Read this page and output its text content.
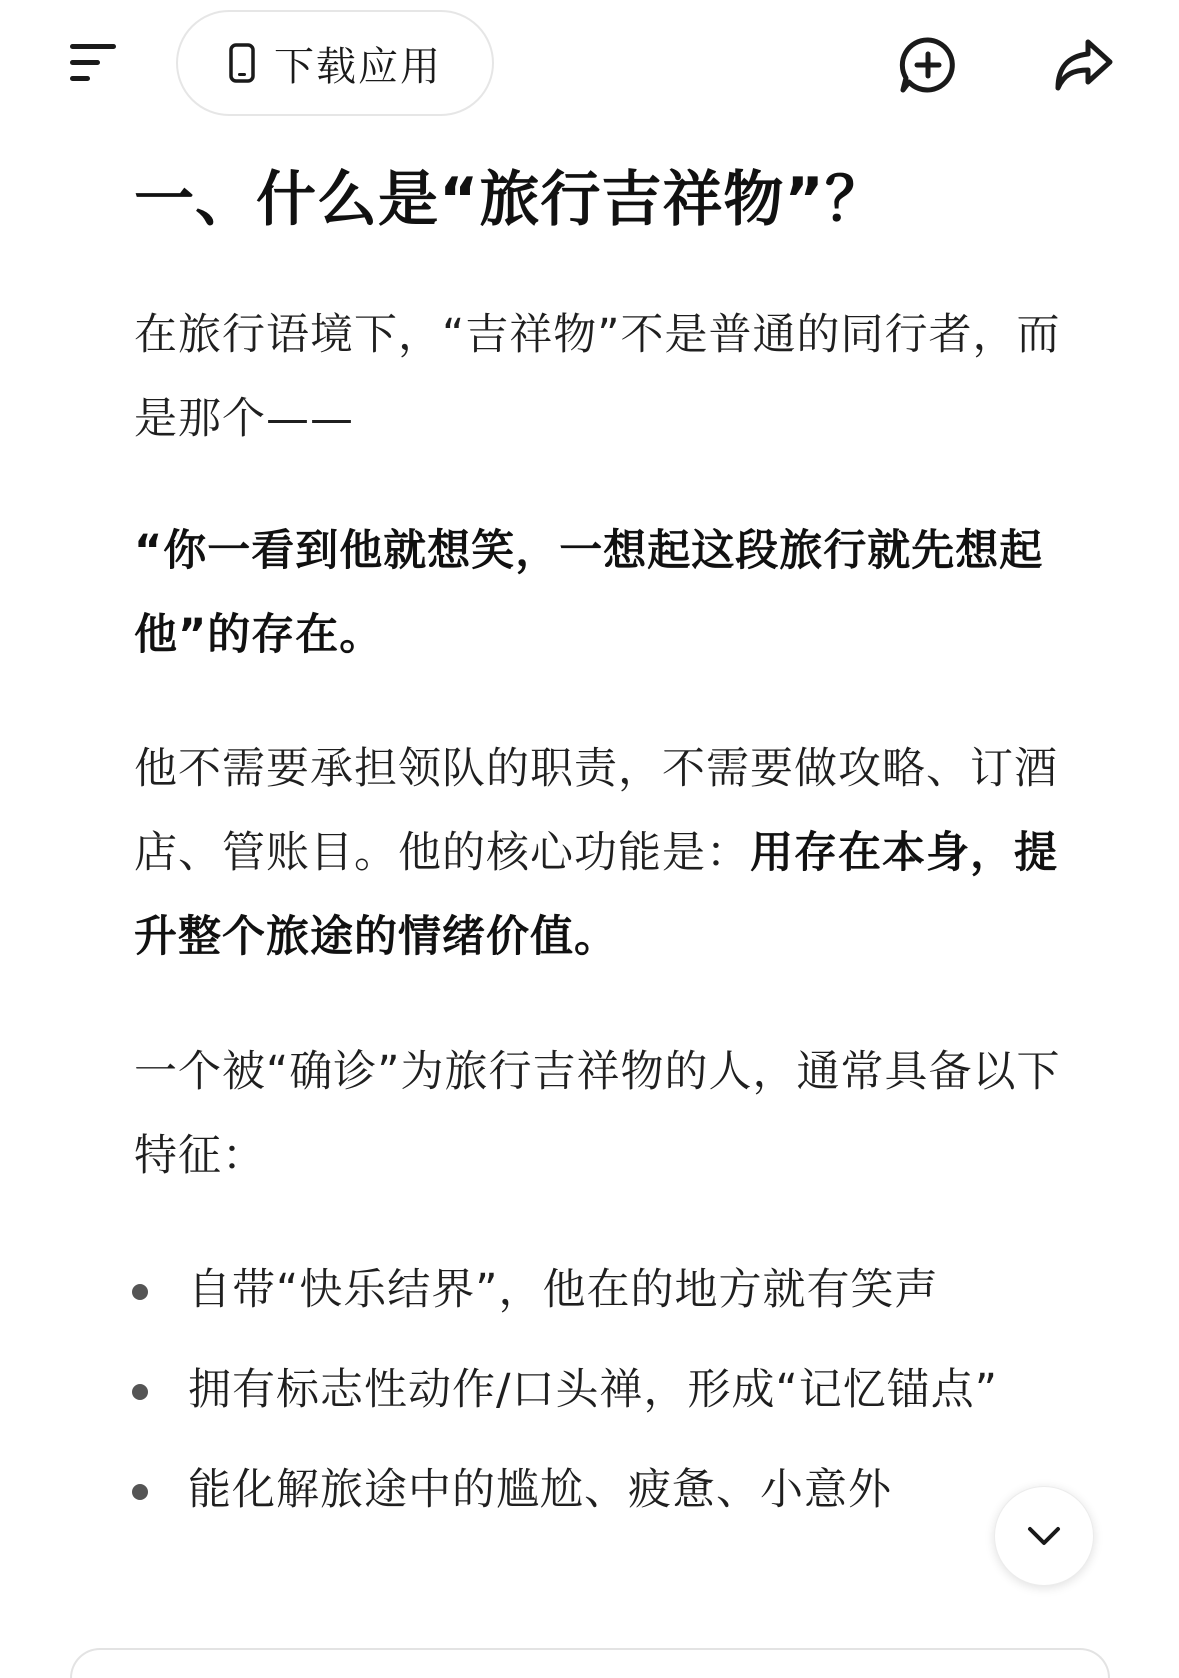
下载应用
一、什么是“旅行吉祥物”？
在旅行语境下，“吉祥物”不是普通的同行者，而是那个——
“你一看到他就想笑，一想起这段旅行就先想起他”的存在。
他不需要承担领队的职责，不需要做攻略、订酒店、管账目。他的核心功能是：用存在本身，提升整个旅途的情绪价值。
一个被“确诊”为旅行吉祥物的人，通常具备以下特征：
自带“快乐结界”，他在的地方就有笑声
拥有标志性动作/口头禅，形成“记忆锚点”
能化解旅途中的尴尬、疲惫、小意外
